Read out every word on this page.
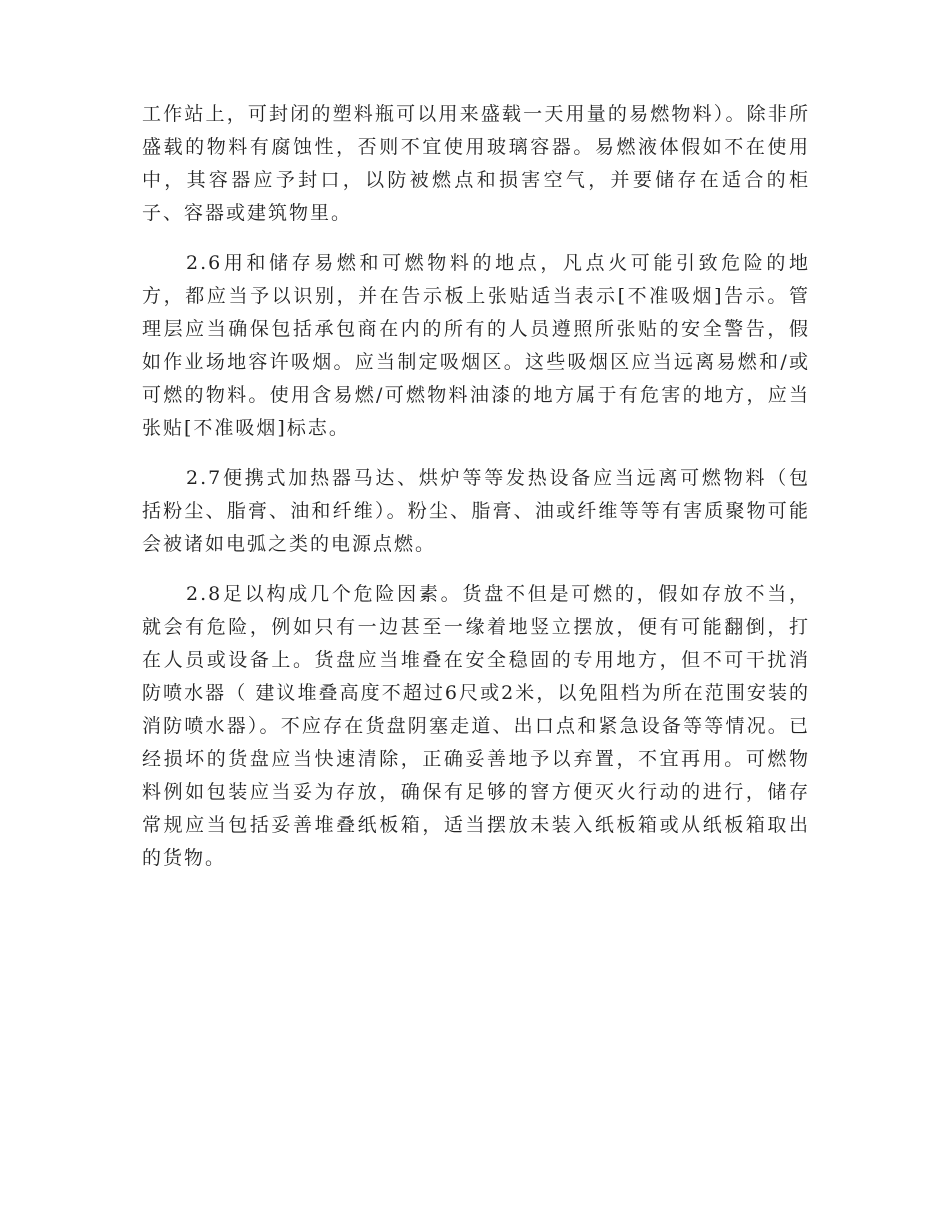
工作站上，可封闭的塑料瓶可以用来盛载一天用量的易燃物料）。除非所盛载的物料有腐蚀性，否则不宜使用玻璃容器。易燃液体假如不在使用中，其容器应予封口，以防被燃点和损害空气，并要储存在适合的柜子、容器或建筑物里。

2.6用和储存易燃和可燃物料的地点，凡点火可能引致危险的地方，都应当予以识别，并在告示板上张贴适当表示[不准吸烟]告示。管理层应当确保包括承包商在内的所有的人员遵照所张贴的安全警告，假如作业场地容许吸烟。应当制定吸烟区。这些吸烟区应当远离易燃和/或可燃的物料。使用含易燃/可燃物料油漆的地方属于有危害的地方，应当张贴[不准吸烟]标志。

2.7便携式加热器马达、烘炉等等发热设备应当远离可燃物料（包括粉尘、脂膏、油和纤维）。粉尘、脂膏、油或纤维等等有害质聚物可能会被诸如电弧之类的电源点燃。

2.8足以构成几个危险因素。货盘不但是可燃的，假如存放不当，就会有危险，例如只有一边甚至一缘着地竖立摆放，便有可能翻倒，打在人员或设备上。货盘应当堆叠在安全稳固的专用地方，但不可干扰消防喷水器（ 建议堆叠高度不超过6尺或2米，以免阻档为所在范围安装的消防喷水器）。不应存在货盘阴塞走道、出口点和紧急设备等等情况。已经损坏的货盘应当快速清除，正确妥善地予以弃置，不宜再用。可燃物料例如包装应当妥为存放，确保有足够的窨方便灭火行动的进行，储存常规应当包括妥善堆叠纸板箱，适当摆放未装入纸板箱或从纸板箱取出的货物。
